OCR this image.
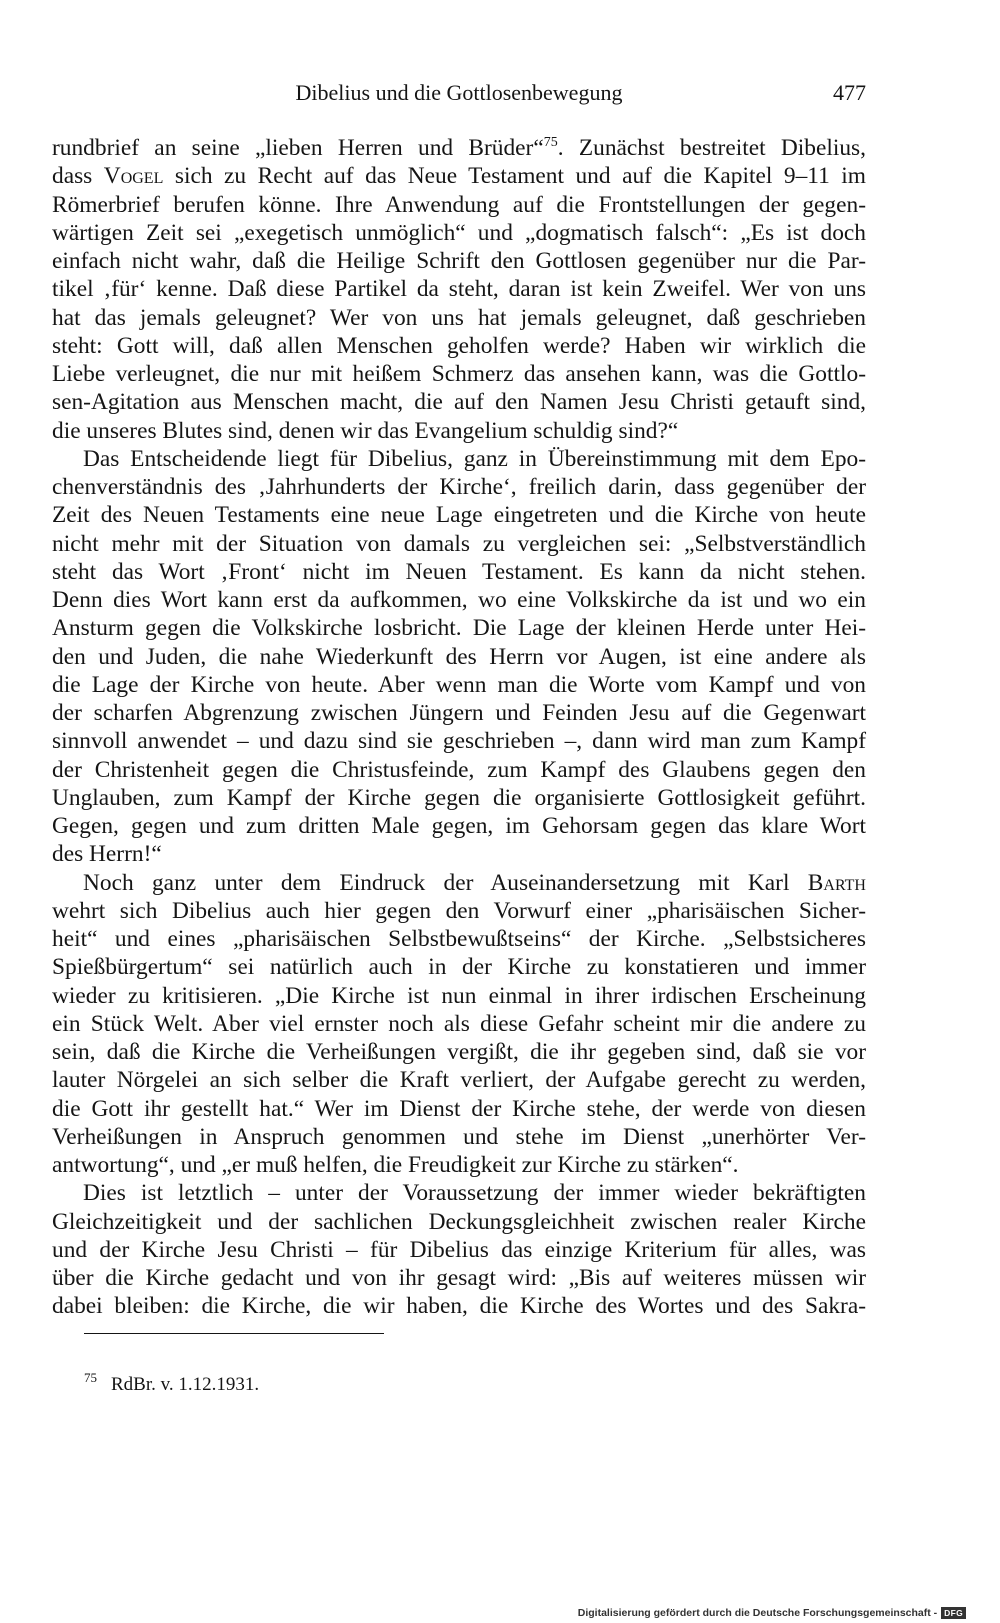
Dibelius und die Gottlosenbewegung	477
rundbrief an seine „lieben Herren und Brüder“$^{75}$. Zunächst bestreitet Dibelius,
dass Vogel sich zu Recht auf das Neue Testament und auf die Kapitel 9–11 im
Römerbrief berufen könne. Ihre Anwendung auf die Frontstellungen der gegen-
wärtigen Zeit sei „exegetisch unmöglich“ und „dogmatisch falsch“: „Es ist doch
einfach nicht wahr, daß die Heilige Schrift den Gottlosen gegenüber nur die Par-
tikel ‚für‘ kenne. Daß diese Partikel da steht, daran ist kein Zweifel. Wer von uns
hat das jemals geleugnet? Wer von uns hat jemals geleugnet, daß geschrieben
steht: Gott will, daß allen Menschen geholfen werde? Haben wir wirklich die
Liebe verleugnet, die nur mit heißem Schmerz das ansehen kann, was die Gottlo-
sen-Agitation aus Menschen macht, die auf den Namen Jesu Christi getauft sind,
die unseres Blutes sind, denen wir das Evangelium schuldig sind?“
Das Entscheidende liegt für Dibelius, ganz in Übereinstimmung mit dem Epo-
chenverständnis des ‚Jahrhunderts der Kirche‘, freilich darin, dass gegenüber der
Zeit des Neuen Testaments eine neue Lage eingetreten und die Kirche von heute
nicht mehr mit der Situation von damals zu vergleichen sei: „Selbstverständlich
steht das Wort ‚Front‘ nicht im Neuen Testament. Es kann da nicht stehen.
Denn dies Wort kann erst da aufkommen, wo eine Volkskirche da ist und wo ein
Ansturm gegen die Volkskirche losbricht. Die Lage der kleinen Herde unter Hei-
den und Juden, die nahe Wiederkunft des Herrn vor Augen, ist eine andere als
die Lage der Kirche von heute. Aber wenn man die Worte vom Kampf und von
der scharfen Abgrenzung zwischen Jüngern und Feinden Jesu auf die Gegenwart
sinnvoll anwendet – und dazu sind sie geschrieben –, dann wird man zum Kampf
der Christenheit gegen die Christusfeinde, zum Kampf des Glaubens gegen den
Unglauben, zum Kampf der Kirche gegen die organisierte Gottlosigkeit geführt.
Gegen, gegen und zum dritten Male gegen, im Gehorsam gegen das klare Wort
des Herrn!“
Noch ganz unter dem Eindruck der Auseinandersetzung mit Karl Barth
wehrt sich Dibelius auch hier gegen den Vorwurf einer „pharisäischen Sicher-
heit“ und eines „pharisäischen Selbstbewußtseins“ der Kirche. „Selbstsicheres
Spießbürgertum“ sei natürlich auch in der Kirche zu konstatieren und immer
wieder zu kritisieren. „Die Kirche ist nun einmal in ihrer irdischen Erscheinung
ein Stück Welt. Aber viel ernster noch als diese Gefahr scheint mir die andere zu
sein, daß die Kirche die Verheißungen vergißt, die ihr gegeben sind, daß sie vor
lauter Nörgelei an sich selber die Kraft verliert, der Aufgabe gerecht zu werden,
die Gott ihr gestellt hat.“ Wer im Dienst der Kirche stehe, der werde von diesen
Verheißungen in Anspruch genommen und stehe im Dienst „unerhörter Ver-
antwortung“, und „er muß helfen, die Freudigkeit zur Kirche zu stärken“.
Dies ist letztlich – unter der Voraussetzung der immer wieder bekräftigten
Gleichzeitigkeit und der sachlichen Deckungsgleichheit zwischen realer Kirche
und der Kirche Jesu Christi – für Dibelius das einzige Kriterium für alles, was
über die Kirche gedacht und von ihr gesagt wird: „Bis auf weiteres müssen wir
dabei bleiben: die Kirche, die wir haben, die Kirche des Wortes und des Sakra-
$^{75}$ RdBr. v. 1.12.1931.
Digitalisierung gefördert durch die Deutsche Forschungsgemeinschaft - DFG
